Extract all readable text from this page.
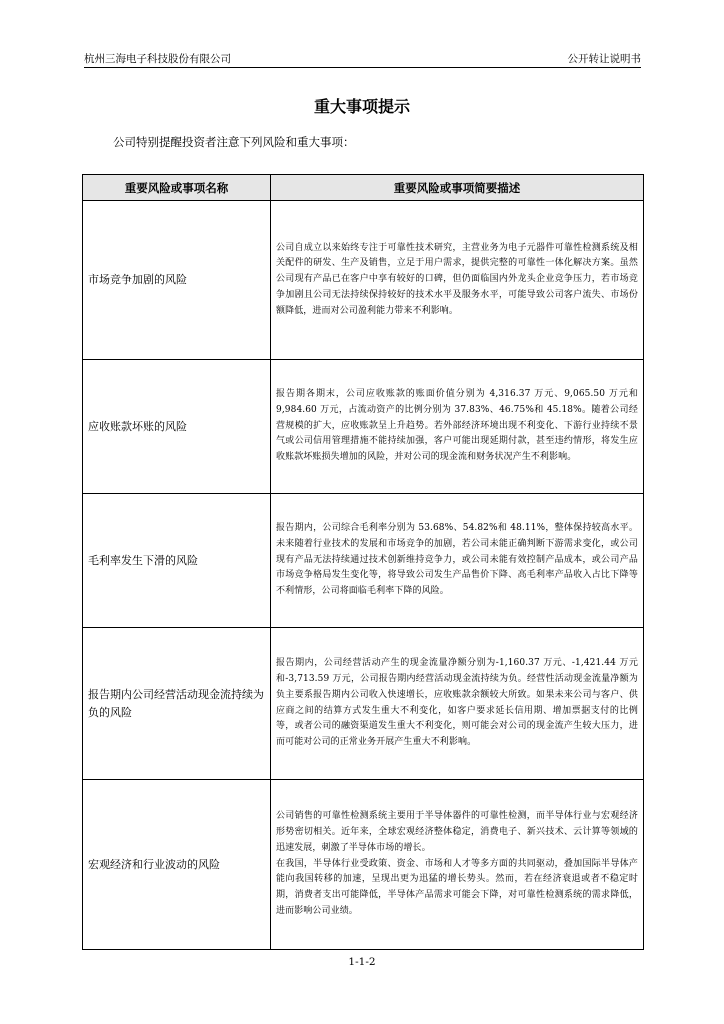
杭州三海电子科技股份有限公司	公开转让说明书
重大事项提示
公司特别提醒投资者注意下列风险和重大事项：
重要风险或事项名称	重要风险或事项简要描述
市场竞争加剧的风险	公司自成立以来始终专注于可靠性技术研究，主营业务为电子元器件可靠性检测系统及相关配件的研发、生产及销售，立足于用户需求，提供完整的可靠性一体化解决方案。虽然公司现有产品已在客户中享有较好的口碑，但仍面临国内外龙头企业竞争压力，若市场竞争加剧且公司无法持续保持较好的技术水平及服务水平，可能导致公司客户流失、市场份额降低，进而对公司盈利能力带来不利影响。

应收账款坏账的风险	报告期各期末，公司应收账款的账面价值分别为 4,316.37 万元、9,065.50 万元和 9,984.60 万元，占流动资产的比例分别为 37.83%、46.75%和 45.18%。随着公司经营规模的扩大，应收账款呈上升趋势。若外部经济环境出现不利变化、下游行业持续不景气或公司信用管理措施不能持续加强，客户可能出现延期付款，甚至违约情形，将发生应收账款坏账损失增加的风险，并对公司的现金流和财务状况产生不利影响。

毛利率发生下滑的风险	报告期内，公司综合毛利率分别为 53.68%、54.82%和 48.11%，整体保持较高水平。未来随着行业技术的发展和市场竞争的加剧，若公司未能正确判断下游需求变化，或公司现有产品无法持续通过技术创新维持竞争力，或公司未能有效控制产品成本，或公司产品市场竞争格局发生变化等，将导致公司发生产品售价下降、高毛利率产品收入占比下降等不利情形，公司将面临毛利率下降的风险。

报告期内公司经营活动现金流持续为负的风险	报告期内，公司经营活动产生的现金流量净额分别为-1,160.37 万元、-1,421.44 万元和-3,713.59 万元，公司报告期内经营活动现金流持续为负。经营性活动现金流量净额为负主要系报告期内公司收入快速增长，应收账款余额较大所致。如果未来公司与客户、供应商之间的结算方式发生重大不利变化，如客户要求延长信用期、增加票据支付的比例等，或者公司的融资渠道发生重大不利变化，则可能会对公司的现金流产生较大压力，进而可能对公司的正常业务开展产生重大不利影响。

宏观经济和行业波动的风险	公司销售的可靠性检测系统主要用于半导体器件的可靠性检测，而半导体行业与宏观经济形势密切相关。近年来，全球宏观经济整体稳定，消费电子、新兴技术、云计算等领域的迅速发展，刺激了半导体市场的增长。

在我国，半导体行业受政策、资金、市场和人才等多方面的共同驱动，叠加国际半导体产能向我国转移的加速，呈现出更为迅猛的增长势头。然而，若在经济衰退或者不稳定时期，消费者支出可能降低，半导体产品需求可能会下降，对可靠性检测系统的需求降低，进而影响公司业绩。

1-1-2
